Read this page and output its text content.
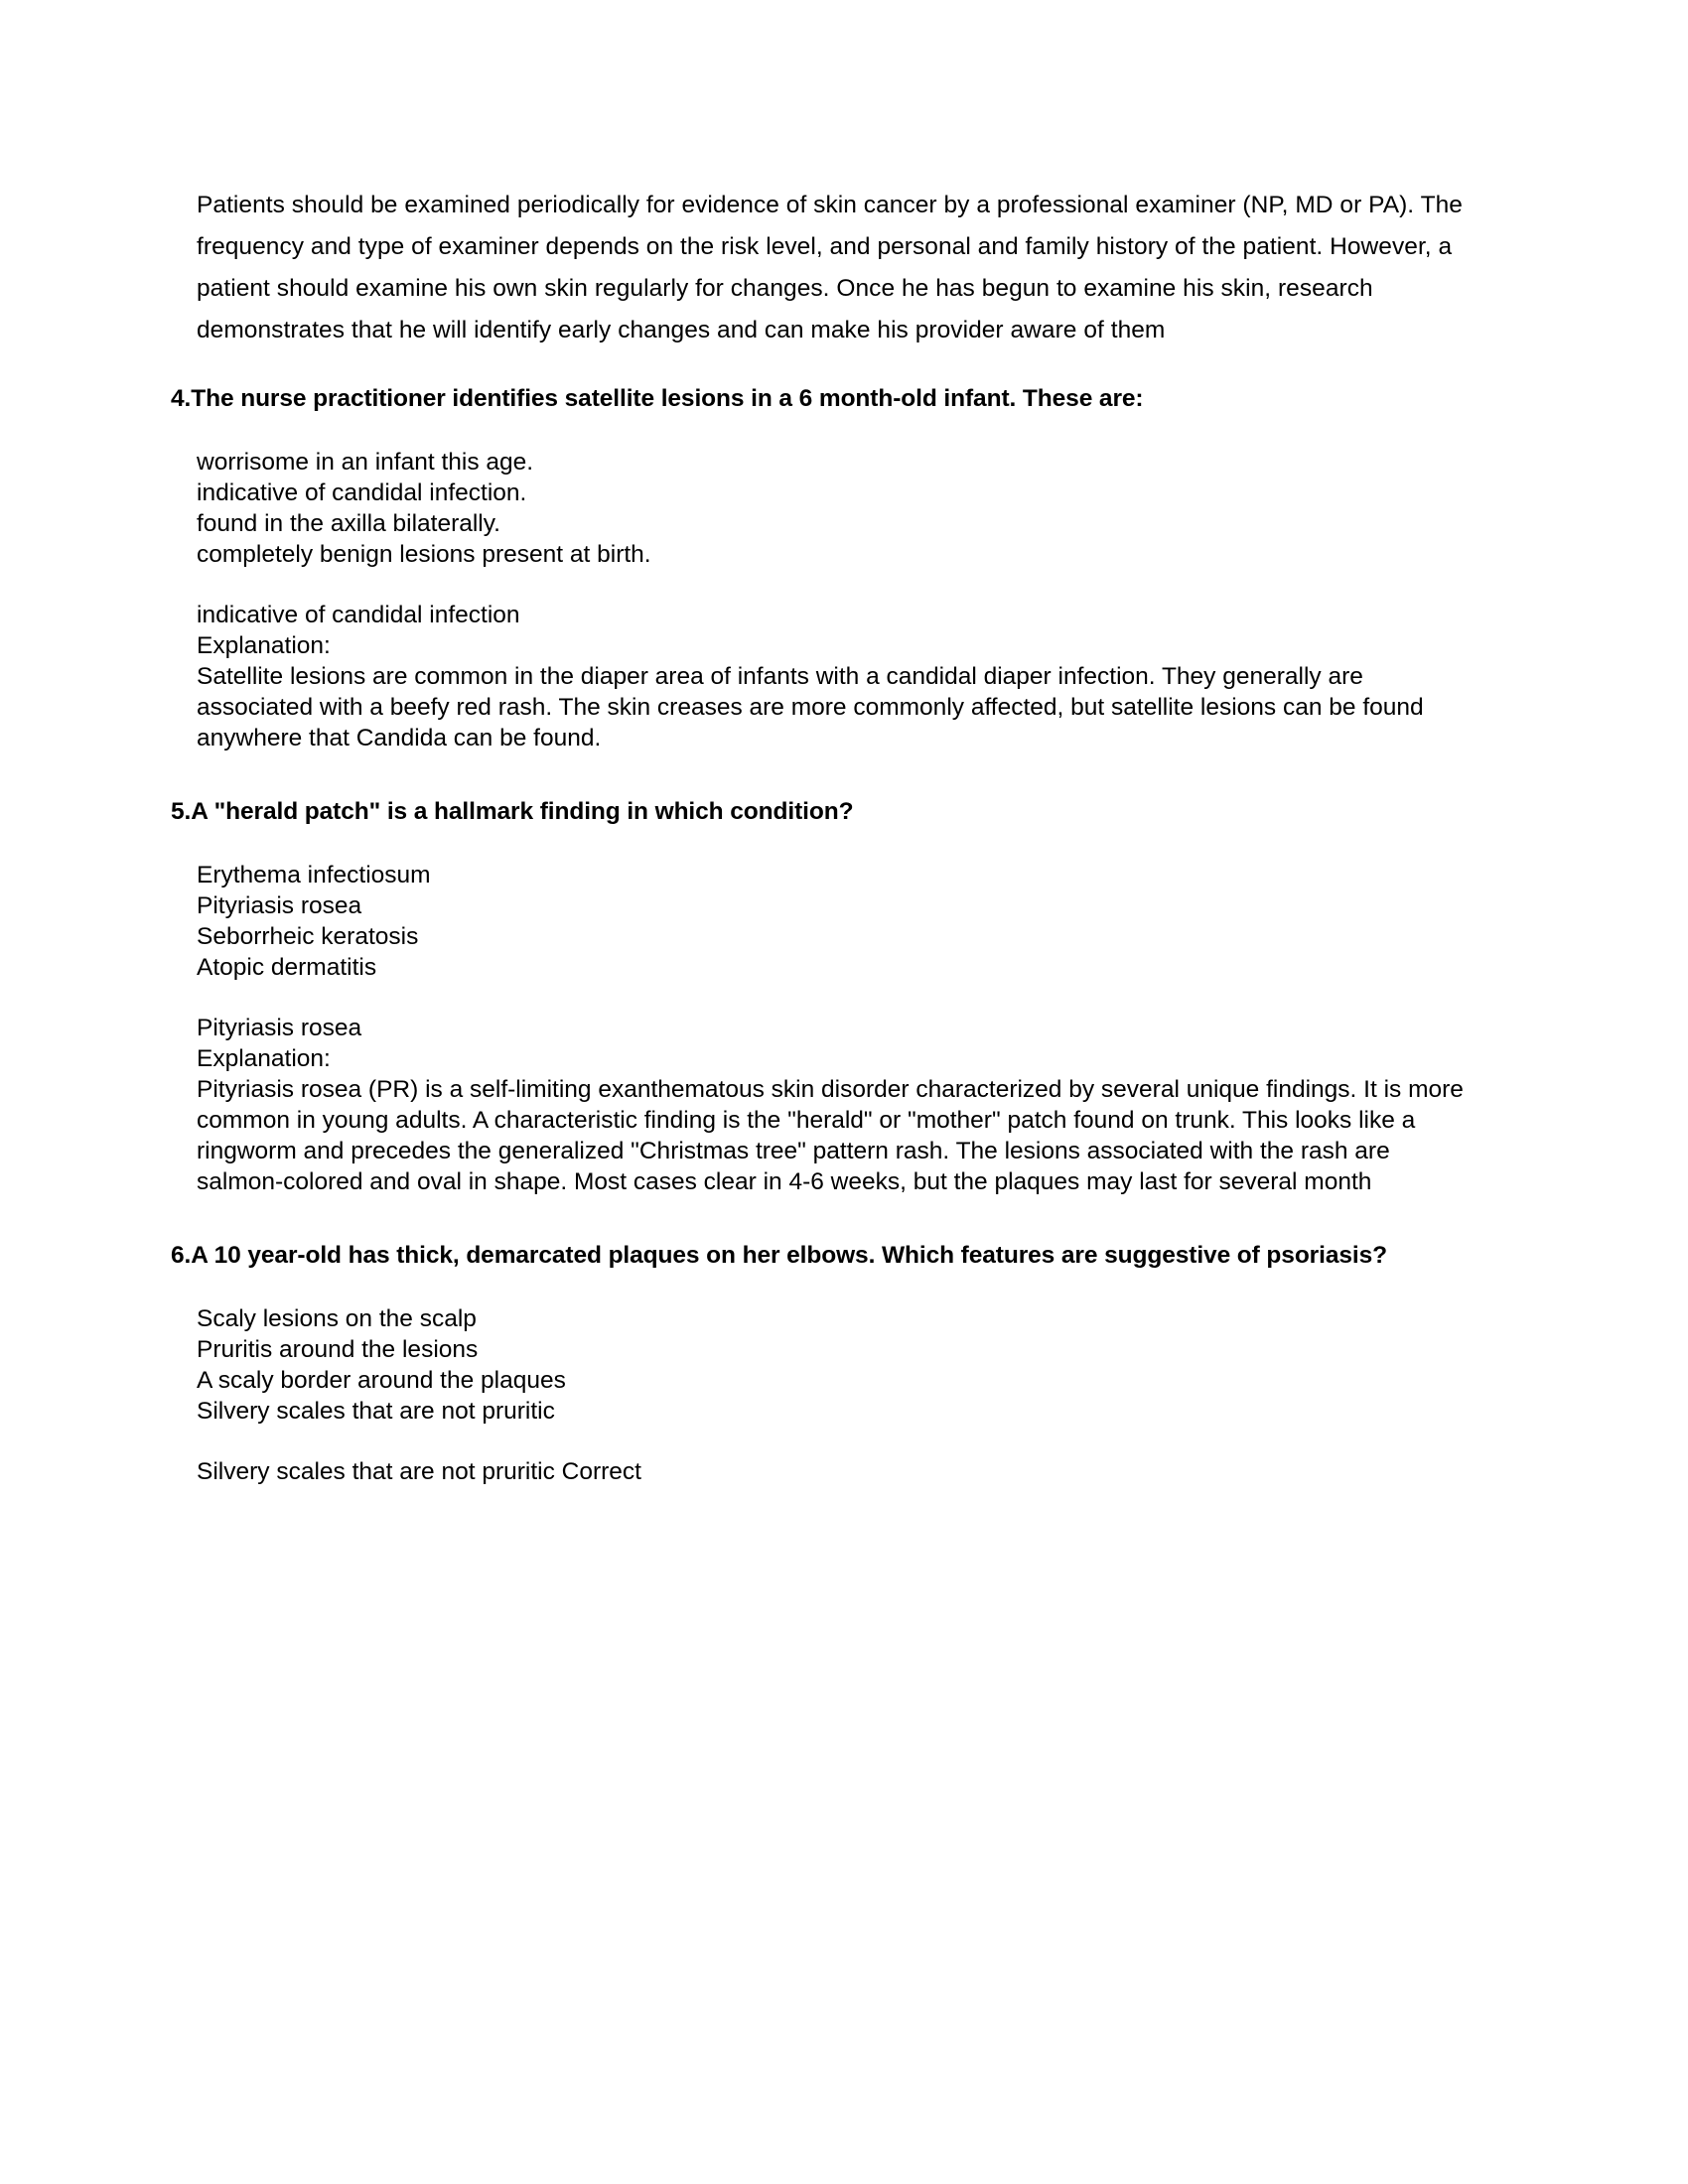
Patients should be examined periodically for evidence of skin cancer by a professional examiner (NP, MD or PA). The frequency and type of examiner depends on the risk level, and personal and family history of the patient. However, a patient should examine his own skin regularly for changes. Once he has begun to examine his skin, research demonstrates that he will identify early changes and can make his provider aware of them

4.The nurse practitioner identifies satellite lesions in a 6 month-old infant. These are:

worrisome in an infant this age.
indicative of candidal infection.
found in the axilla bilaterally.
completely benign lesions present at birth.
indicative of candidal infection
Explanation:
Satellite lesions are common in the diaper area of infants with a candidal diaper infection. They generally are associated with a beefy red rash. The skin creases are more commonly affected, but satellite lesions can be found anywhere that Candida can be found.

5.A "herald patch" is a hallmark finding in which condition?

Erythema infectiosum
Pityriasis rosea
Seborrheic keratosis
Atopic dermatitis
Pityriasis rosea
Explanation:
Pityriasis rosea (PR) is a self-limiting exanthematous skin disorder characterized by several unique findings. It is more common in young adults. A characteristic finding is the "herald" or "mother" patch found on trunk. This looks like a ringworm and precedes the generalized "Christmas tree" pattern rash. The lesions associated with the rash are salmon-colored and oval in shape. Most cases clear in 4-6 weeks, but the plaques may last for several month

6.A 10 year-old has thick, demarcated plaques on her elbows. Which features are suggestive of psoriasis?

Scaly lesions on the scalp
Pruritis around the lesions
A scaly border around the plaques
Silvery scales that are not pruritic
Silvery scales that are not pruritic Correct
